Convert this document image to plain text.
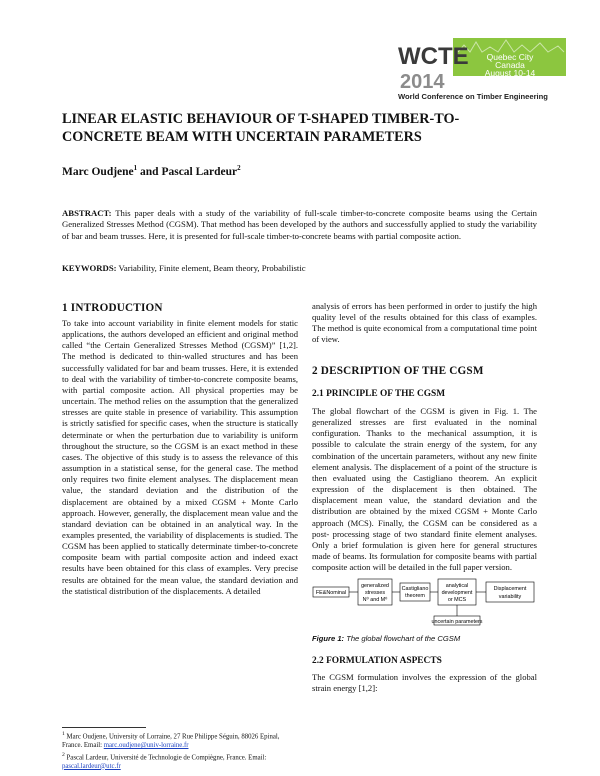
WCTE
2014
Quebec City
Canada
August 10-14
World Conference on Timber Engineering
LINEAR ELASTIC BEHAVIOUR OF T-SHAPED TIMBER-TO-CONCRETE BEAM WITH UNCERTAIN PARAMETERS
Marc Oudjene$^1$ and Pascal Lardeur$^2$
ABSTRACT: This paper deals with a study of the variability of full-scale timber-to-concrete composite beams using the Certain Generalized Stresses Method (CGSM). That method has been developed by the authors and successfully applied to study the variability of bar and beam trusses. Here, it is presented for full-scale timber-to-concrete beams with partial composite action.
KEYWORDS: Variability, Finite element, Beam theory, Probabilistic
1 INTRODUCTION

To take into account variability in finite element models for static applications, the authors developed an efficient and original method called “the Certain Generalized Stresses Method (CGSM)” [1,2]. The method is dedicated to thin-walled structures and has been successfully validated for bar and beam trusses. Here, it is extended to deal with the variability of timber-to-concrete composite beams, with partial composite action. All physical properties may be uncertain. The method relies on the assumption that the generalized stresses are quite stable in presence of variability. This assumption is strictly satisfied for specific cases, when the structure is statically determinate or when the perturbation due to variability is uniform throughout the structure, so the CGSM is an exact method in these cases. The objective of this study is to assess the relevance of this assumption in a statistical sense, for the general case. The method only requires two finite element analyses. The displacement mean value, the standard deviation and the distribution of the displacement are obtained by a mixed CGSM + Monte Carlo approach. However, generally, the displacement mean value and the standard deviation can be obtained in an analytical way. In the examples presented, the variability of displacements is studied. The CGSM has been applied to statically determinate timber-to-concrete composite beam with partial composite action and indeed exact results have been obtained for this class of examples. Very precise results are obtained for the mean value, the standard deviation and the statistical distribution of the displacements. A detailed

$^1$ Marc Oudjene, University of Lorraine, 27 Rue Philippe Séguin, 88026 Epinal, France. Email: marc.oudjene@univ-lorraine.fr
$^2$ Pascal Lardeur, Université de Technologie de Compiègne, France. Email: pascal.lardeur@utc.fr

analysis of errors has been performed in order to justify the high quality level of the results obtained for this class of examples. The method is quite economical from a computational time point of view.

2 DESCRIPTION OF THE CGSM
2.1 PRINCIPLE OF THE CGSM

The global flowchart of the CGSM is given in Fig. 1. The generalized stresses are first evaluated in the nominal configuration. Thanks to the mechanical assumption, it is possible to calculate the strain energy of the system, for any combination of the uncertain parameters, without any new finite element analysis. The displacement of a point of the structure is then evaluated using the Castigliano theorem. An explicit expression of the displacement is then obtained. The displacement mean value, the standard deviation and the distribution are obtained by the mixed CGSM + Monte Carlo approach (MCS). Finally, the CGSM can be considered as a post- processing stage of two standard finite element analyses. Only a brief formulation is given here for general structures made of beams. Its formulation for composite beams with partial composite action will be detailed in the full paper version.

FE&Nominal
generalized
stresses
N⁰ and M⁰
Castigliano
theorem
analytical
development
or MCS
Displacement
variability
uncertain parameters
Figure 1: The global flowchart of the CGSM
2.2 FORMULATION ASPECTS
The CGSM formulation involves the expression of the global strain energy [1,2]:
